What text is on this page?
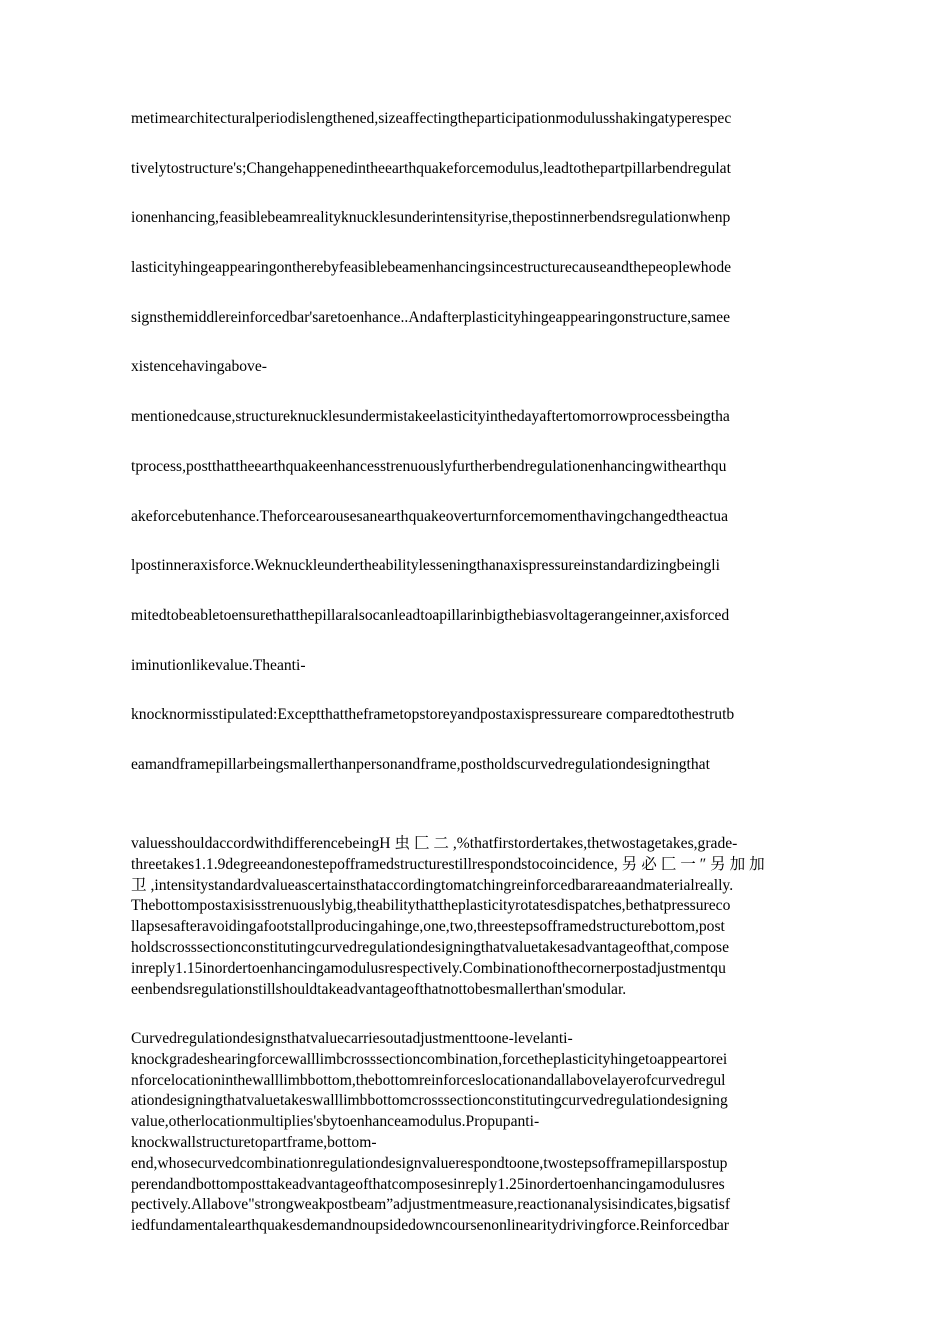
metimearchitecturalperiodislengthened,sizeaffectingtheparticipationmodulusshakingatyperespec
tivelytostructure's;Changehappenedintheearthquakeforcemodulus,leadtothepartpillarbendregulat
ionenhancing,feasiblebeamrealityknucklesunderintensityrise,thepostinnerbendsregulationwhenp
lasticityhingeappearingontherebyfeasiblebeamenhancingsincestructurecauseandthepeoplewhode
signsthemiddlereinforcedbar'saretoenhance..Andafterplasticityhingeappearingonstructure,samee
xistencehavingabove-
mentionedcause,structureknucklesundermistakeelasticityinthedayaftertomorrowprocessbeingtha
tprocess,postthattheearthquakeenhancesstrenuouslyfurtherbendregulationenhancingwithearthqu
akeforcebutenhance.Theforcearousesanearthquakeoverturnforcemomenthavingchangedtheactua
lpostinneraxisforce.Weknuckleundertheabilitylesseningthanaxispressureinstandardizingbeingli
mitedtobeabletoensurethatthepillaralsocanleadtoapillarinbigthebiasvoltagerangeinner,axisforced
iminutionlikevalue.Theanti-
knocknormisstipulated:Exceptthattheframetopstoreyandpostaxispressureare comparedtothestrutb
eamandframepillarbeingsmallerthanpersonandframe,postholdscurvedregulationdesigningthat
valuesshouldaccordwithdifferencebeingH 虫 匚 二 ,%thatfirstordertakes,thetwostagetakes,grade-
threetakes1.1.9degreeandonestepofframedstructurestillrespondstocoincidence, 另 必 匚 一 ″ 另 加 加
卫 ,intensitystandardvalueascertainsthataccordingtomatchingreinforcedbarareaandmaterialreally.
Thebottompostaxisisstrenuouslybig,theabilitythattheplasticityrotatesdispatches,bethatpressureco
llapsesafteravoidingafootstallproducingahinge,one,two,threestepsofframedstructurebottom,post
holdscrosssectionconstitutingcurvedregulationdesigningthatvaluetakesadvantageofthat,compose
inreply1.15inordertoenhancingamodulusrespectively.Combinationofthecornerpostadjustmentqu
eenbendsregulationstillshouldtakeadvantageofthatnottobesmallerthan'smodular.
Curvedregulationdesignsthatvaluecarriesoutadjustmenttoone-levelanti-
knockgradeshearingforcewalllimbcrosssectioncombination,forcetheplasticityhingetoappeartorei
nforcelocationinthewalllimbbottom,thebottomreinforceslocationandallabovelayerofcurvedregul
ationdesigningthatvaluetakeswalllimbbottomcrosssectionconstitutingcurvedregulationdesigning
value,otherlocationmultiplies'sbytoenhanceamodulus.Propupanti-
knockwallstructuretopartframe,bottom-
end,whosecurvedcombinationregulationdesignvaluerespondtoone,twostepsofframepillarspostup
perendandbottomposttakeadvantageofthatcomposesinreply1.25inordertoenhancingamodulusres
pectively.Allabove"strongweakpostbeam”adjustmentmeasure,reactionanalysisindicates,bigsatisf
iedfundamentalearthquakesdemandnoupsidedowncoursenonlinearitydrivingforce.Reinforcedbar
